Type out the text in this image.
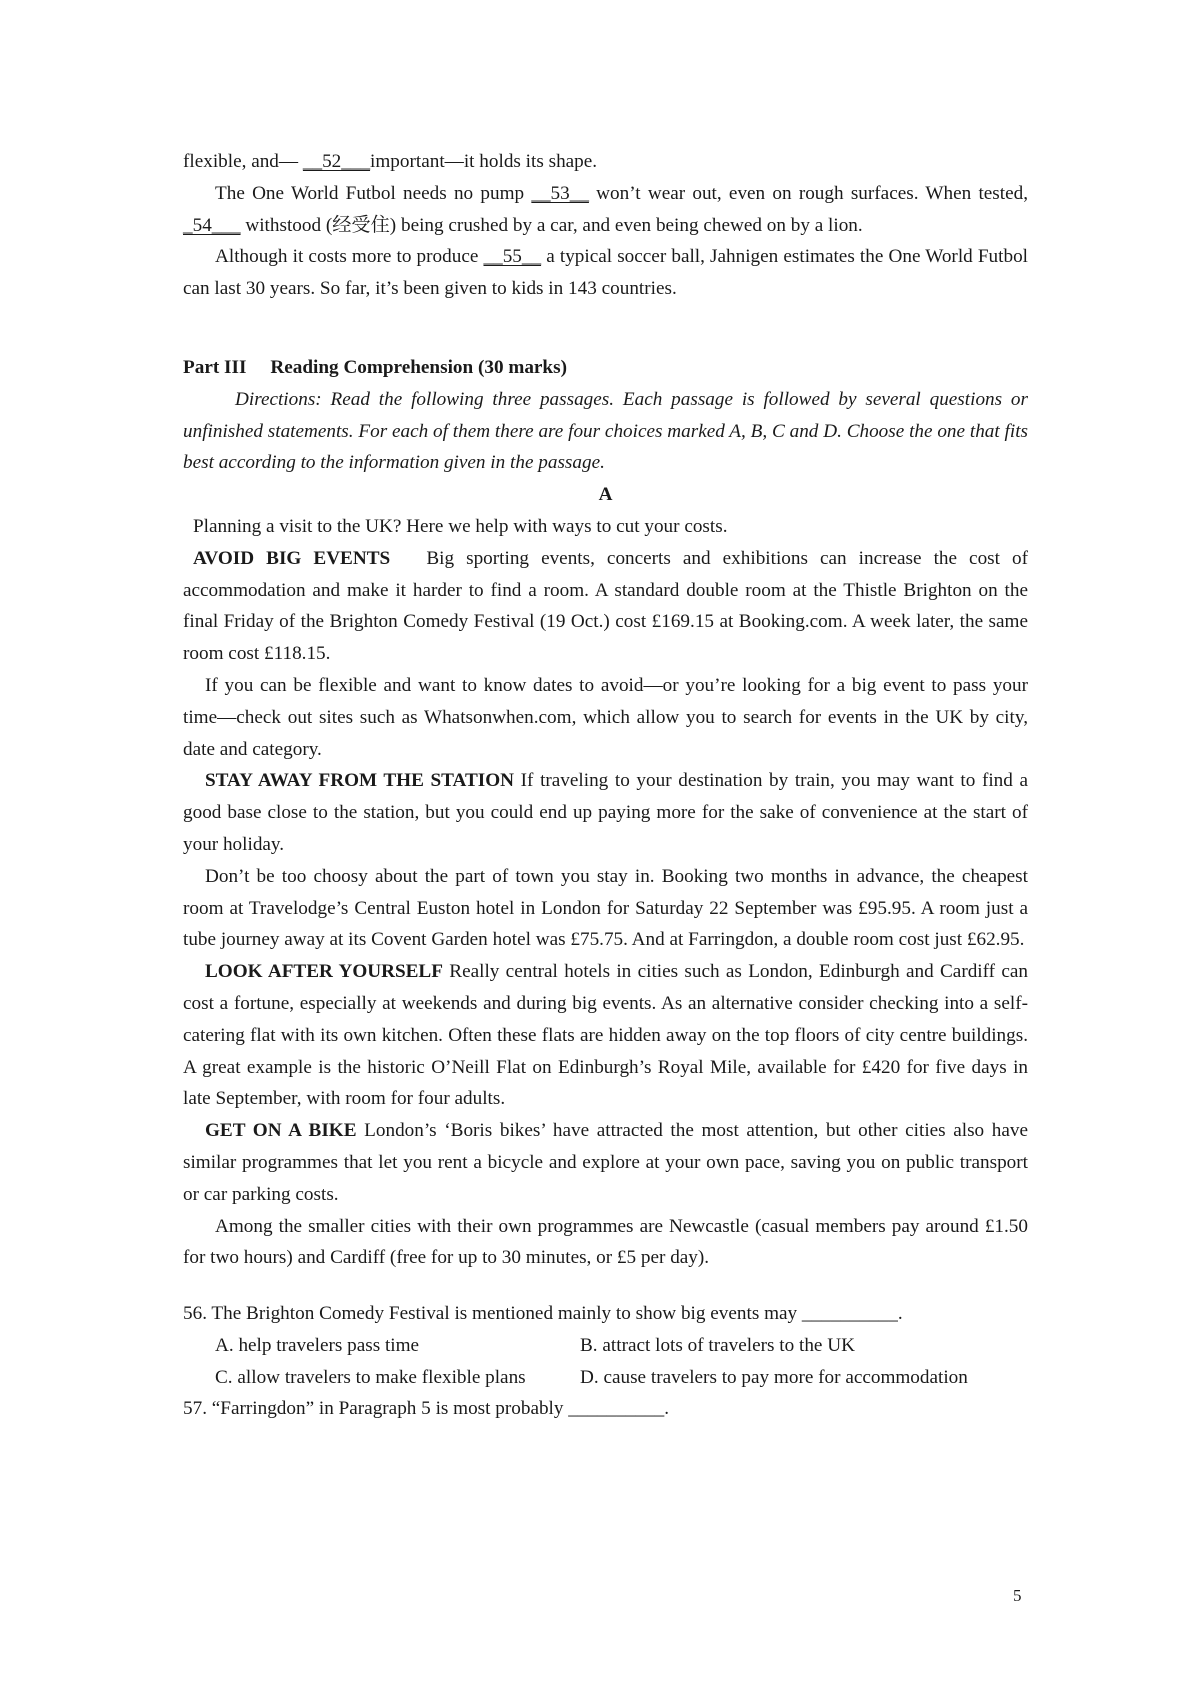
flexible, and— __52___important—it holds its shape.

The One World Futbol needs no pump __53__ won’t wear out, even on rough surfaces. When tested, _54___ withstood (经受住) being crushed by a car, and even being chewed on by a lion.

Although it costs more to produce __55__ a typical soccer ball, Jahnigen estimates the One World Futbol can last 30 years. So far, it’s been given to kids in 143 countries.

Part III Reading Comprehension (30 marks)

Directions: Read the following three passages. Each passage is followed by several questions or unfinished statements. For each of them there are four choices marked A, B, C and D. Choose the one that fits best according to the information given in the passage.

A

Planning a visit to the UK? Here we help with ways to cut your costs.

AVOID BIG EVENTS Big sporting events, concerts and exhibitions can increase the cost of accommodation and make it harder to find a room. A standard double room at the Thistle Brighton on the final Friday of the Brighton Comedy Festival (19 Oct.) cost £169.15 at Booking.com. A week later, the same room cost £118.15.

If you can be flexible and want to know dates to avoid—or you’re looking for a big event to pass your time—check out sites such as Whatsonwhen.com, which allow you to search for events in the UK by city, date and category.

STAY AWAY FROM THE STATION If traveling to your destination by train, you may want to find a good base close to the station, but you could end up paying more for the sake of convenience at the start of your holiday.

Don’t be too choosy about the part of town you stay in. Booking two months in advance, the cheapest room at Travelodge’s Central Euston hotel in London for Saturday 22 September was £95.95. A room just a tube journey away at its Covent Garden hotel was £75.75. And at Farringdon, a double room cost just £62.95.

LOOK AFTER YOURSELF Really central hotels in cities such as London, Edinburgh and Cardiff can cost a fortune, especially at weekends and during big events. As an alternative consider checking into a self-catering flat with its own kitchen. Often these flats are hidden away on the top floors of city centre buildings. A great example is the historic O’Neill Flat on Edinburgh’s Royal Mile, available for £420 for five days in late September, with room for four adults.

GET ON A BIKE London’s ‘Boris bikes’ have attracted the most attention, but other cities also have similar programmes that let you rent a bicycle and explore at your own pace, saving you on public transport or car parking costs.

Among the smaller cities with their own programmes are Newcastle (casual members pay around £1.50 for two hours) and Cardiff (free for up to 30 minutes, or £5 per day).

56. The Brighton Comedy Festival is mentioned mainly to show big events may __________.

A. help travelers pass time	B. attract lots of travelers to the UK
C. allow travelers to make flexible plans	D. cause travelers to pay more for accommodation

57. “Farringdon” in Paragraph 5 is most probably __________.

5
